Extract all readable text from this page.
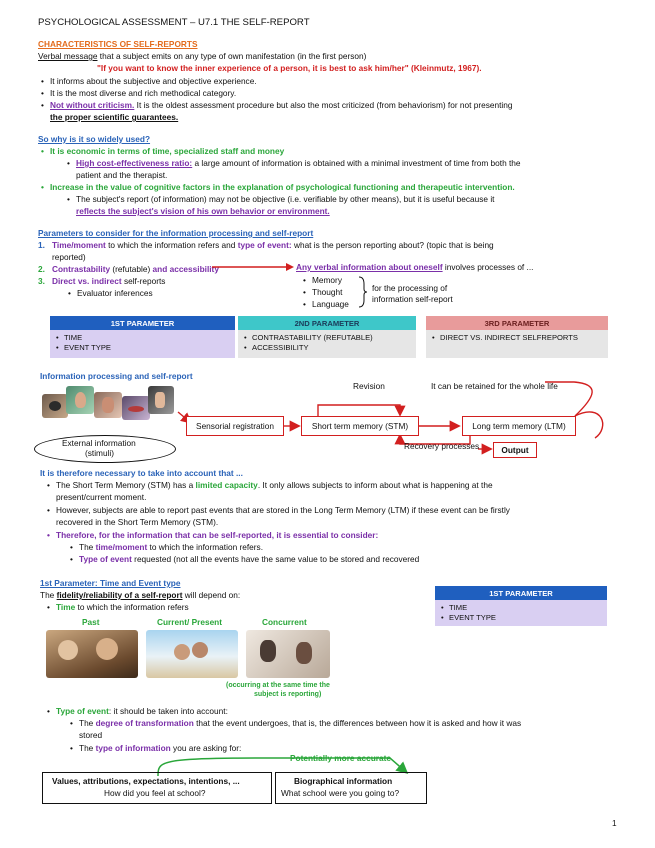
PSYCHOLOGICAL ASSESSMENT – U7.1 THE SELF-REPORT
CHARACTERISTICS OF SELF-REPORTS
Verbal message that a subject emits on any type of own manifestation (in the first person)
"If you want to know the inner experience of a person, it is best to ask him/her" (Kleinmutz, 1967).
• It informs about the subjective and objective experience.
• It is the most diverse and rich methodical category.
• Not without criticism. It is the oldest assessment procedure but also the most criticized (from behaviorism) for not presenting
the proper scientific guarantees.
So why is it so widely used?
• It is economic in terms of time, specialized staff and money
• High cost-effectiveness ratio: a large amount of information is obtained with a minimal investment of time from both the
patient and the therapist.
• Increase in the value of cognitive factors in the explanation of psychological functioning and therapeutic intervention.
• The subject's report (of information) may not be objective (i.e. verifiable by other means), but it is useful because it
reflects the subject's vision of his own behavior or environment.
Parameters to consider for the information processing and self-report
1. Time/moment to which the information refers and type of event: what is the person reporting about? (topic that is being
reported)
2. Contrastability (refutable) and accessibility
3. Direct vs. indirect self-reports
• Evaluator inferences
Any verbal information about oneself involves processes of ...
• Memory
• Thought
• Language
for the processing of
information self-report
1ST PARAMETER
• TIME
• EVENT TYPE
2ND PARAMETER
• CONTRASTABILITY (REFUTABLE)
• ACCESSIBILITY
3RD PARAMETER
• DIRECT VS. INDIRECT SELFREPORTS
Information processing and self-report
Revision	It can be retained for the whole life
Sensorial registration	Short term memory (STM)	Long term memory (LTM)
External information
(stimuli)
Recovery processes	Output
It is therefore necessary to take into account that ...
• The Short Term Memory (STM) has a limited capacity. It only allows subjects to inform about what is happening at the
present/current moment.
• However, subjects are able to report past events that are stored in the Long Term Memory (LTM) if these event can be firstly
recovered in the Short Term Memory (STM).
• Therefore, for the information that can be self-reported, it is essential to consider:
• The time/moment to which the information refers.
• Type of event requested (not all the events have the same value to be stored and recovered
1st Parameter: Time and Event type
The fidelity/reliability of a self-report will depend on:
• Time to which the information refers
1ST PARAMETER
• TIME
• EVENT TYPE
Past	Current/ Present	Concurrent
(occurring at the same time the
subject is reporting)
• Type of event: it should be taken into account:
• The degree of transformation that the event undergoes, that is, the differences between how it is asked and how it was
stored
• The type of information you are asking for:
Potentially more accurate
Values, attributions, expectations, intentions, ...
How did you feel at school?
Biographical information
What school were you going to?
1
